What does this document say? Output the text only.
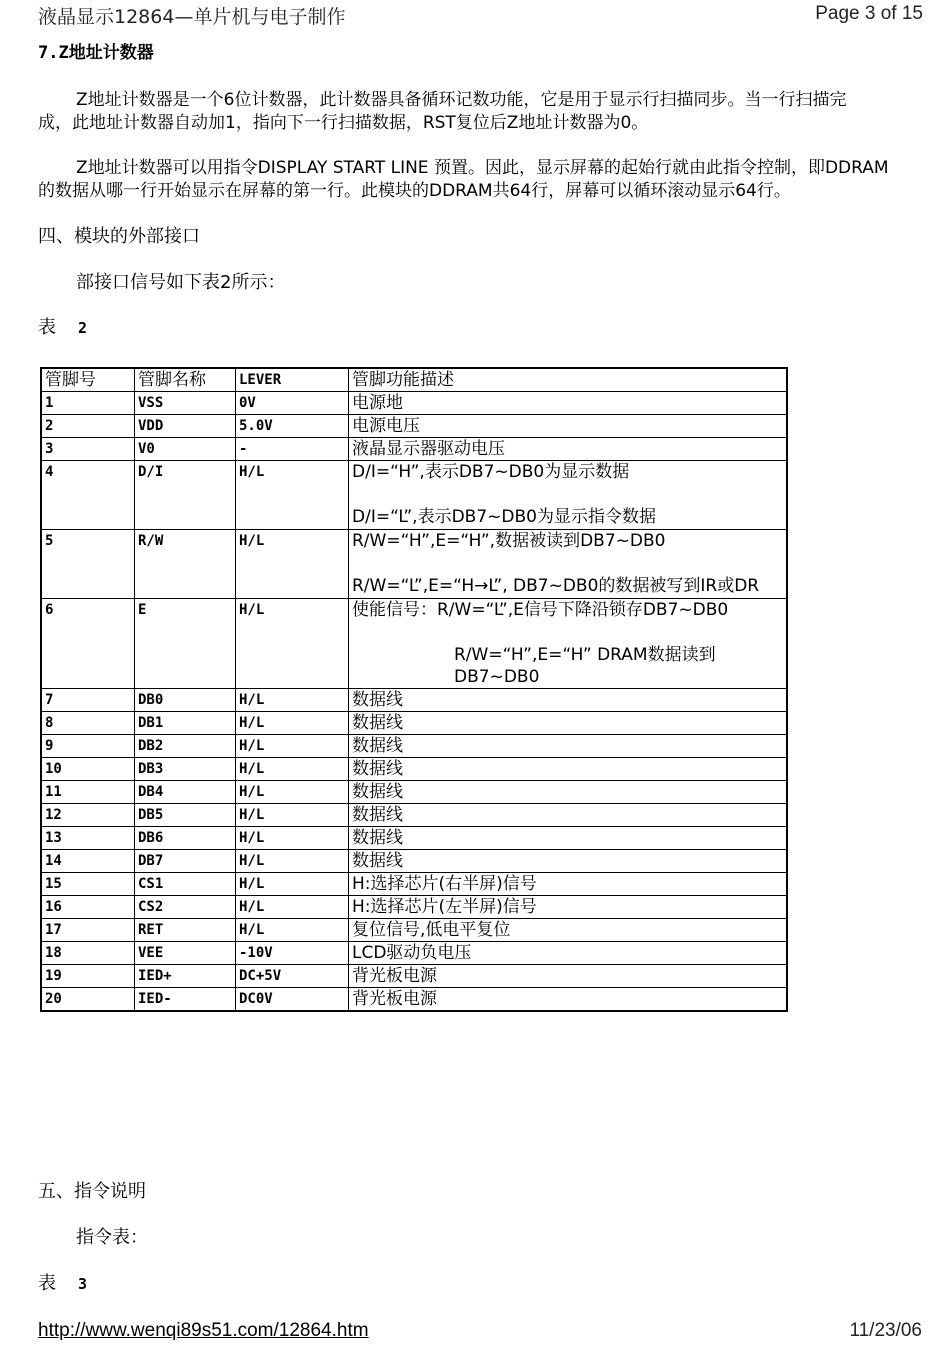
液晶显示12864—单片机与电子制作	Page 3 of 15
7.Z地址计数器
Z地址计数器是一个6位计数器，此计数器具备循环记数功能，它是用于显示行扫描同步。当一行扫描完
成，此地址计数器自动加1，指向下一行扫描数据，RST复位后Z地址计数器为0。
Z地址计数器可以用指令DISPLAY START LINE 预置。因此，显示屏幕的起始行就由此指令控制，即DDRAM
的数据从哪一行开始显示在屏幕的第一行。此模块的DDRAM共64行，屏幕可以循环滚动显示64行。
四、模块的外部接口
部接口信号如下表2所示：
表 2
管脚号	管脚名称	LEVER	管脚功能描述
1	VSS	0V	电源地
2	VDD	5.0V	电源电压
3	V0	-	液晶显示器驱动电压
4	D/I	H/L	D/I=“H”,表示DB7~DB0为显示数据
D/I=“L”,表示DB7~DB0为显示指令数据

5	R/W	H/L	R/W=“H”,E=“H”,数据被读到DB7~DB0
R/W=“L”,E=“H→L”, DB7~DB0的数据被写到IR或DR

6	E	H/L	使能信号：R/W=“L”,E信号下降沿锁存DB7~DB0
R/W=“H”,E=“H” DRAM数据读到DB7~DB0

7	DB0	H/L	数据线
8	DB1	H/L	数据线
9	DB2	H/L	数据线
10	DB3	H/L	数据线
11	DB4	H/L	数据线
12	DB5	H/L	数据线
13	DB6	H/L	数据线
14	DB7	H/L	数据线
15	CS1	H/L	H:选择芯片(右半屏)信号
16	CS2	H/L	H:选择芯片(左半屏)信号
17	RET	H/L	复位信号,低电平复位
18	VEE	-10V	LCD驱动负电压
19	IED+	DC+5V	背光板电源
20	IED-	DC0V	背光板电源
五、指令说明
指令表：
表 3
http://www.wenqi89s51.com/12864.htm	11/23/06
